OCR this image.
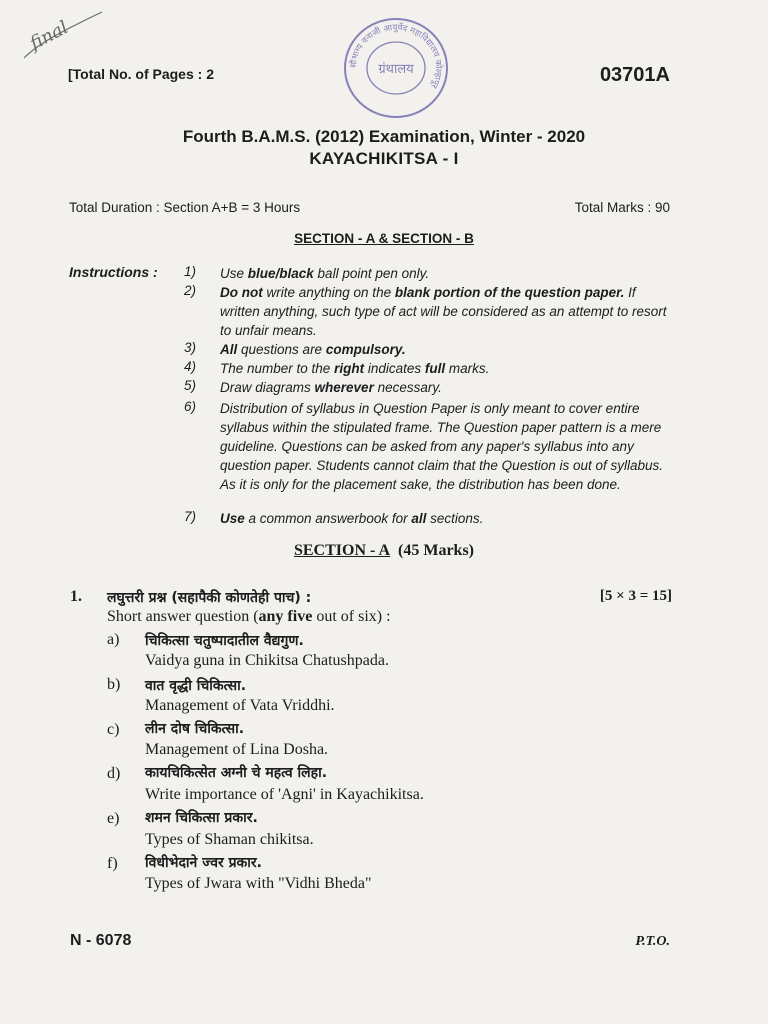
final
सौभाग्य वनाजी आयुर्वेद महाविद्यालय कोल्हापूर
ग्रंथालय
[Total No. of Pages : 2	03701A
Fourth B.A.M.S. (2012) Examination, Winter - 2020
KAYACHIKITSA - I
Total Duration : Section A+B = 3 Hours	Total Marks : 90
SECTION - A & SECTION - B
Instructions : 1) Use blue/black ball point pen only.
2) Do not write anything on the blank portion of the question paper. If written anything, such type of act will be considered as an attempt to resort to unfair means.
3) All questions are compulsory.
4) The number to the right indicates full marks.
5) Draw diagrams wherever necessary.
6) Distribution of syllabus in Question Paper is only meant to cover entire syllabus within the stipulated frame. The Question paper pattern is a mere guideline. Questions can be asked from any paper's syllabus into any question paper. Students cannot claim that the Question is out of syllabus. As it is only for the placement sake, the distribution has been done.
7) Use a common answerbook for all sections.
SECTION - A (45 Marks)
1. लघुत्तरी प्रश्न (सहापैकी कोणतेही पाच) :	[5 × 3 = 15]
Short answer question (any five out of six) :
a) चिकित्सा चतुष्पादातील वैद्यगुण.
Vaidya guna in Chikitsa Chatushpada.
b) वात वृद्धी चिकित्सा.
Management of Vata Vriddhi.
c) लीन दोष चिकित्सा.
Management of Lina Dosha.
d) कायचिकित्सेत अग्नी चे महत्व लिहा.
Write importance of 'Agni' in Kayachikitsa.
e) शमन चिकित्सा प्रकार.
Types of Shaman chikitsa.
f) विधीभेदाने ज्वर प्रकार.
Types of Jwara with "Vidhi Bheda"
N - 6078	P.T.O.
